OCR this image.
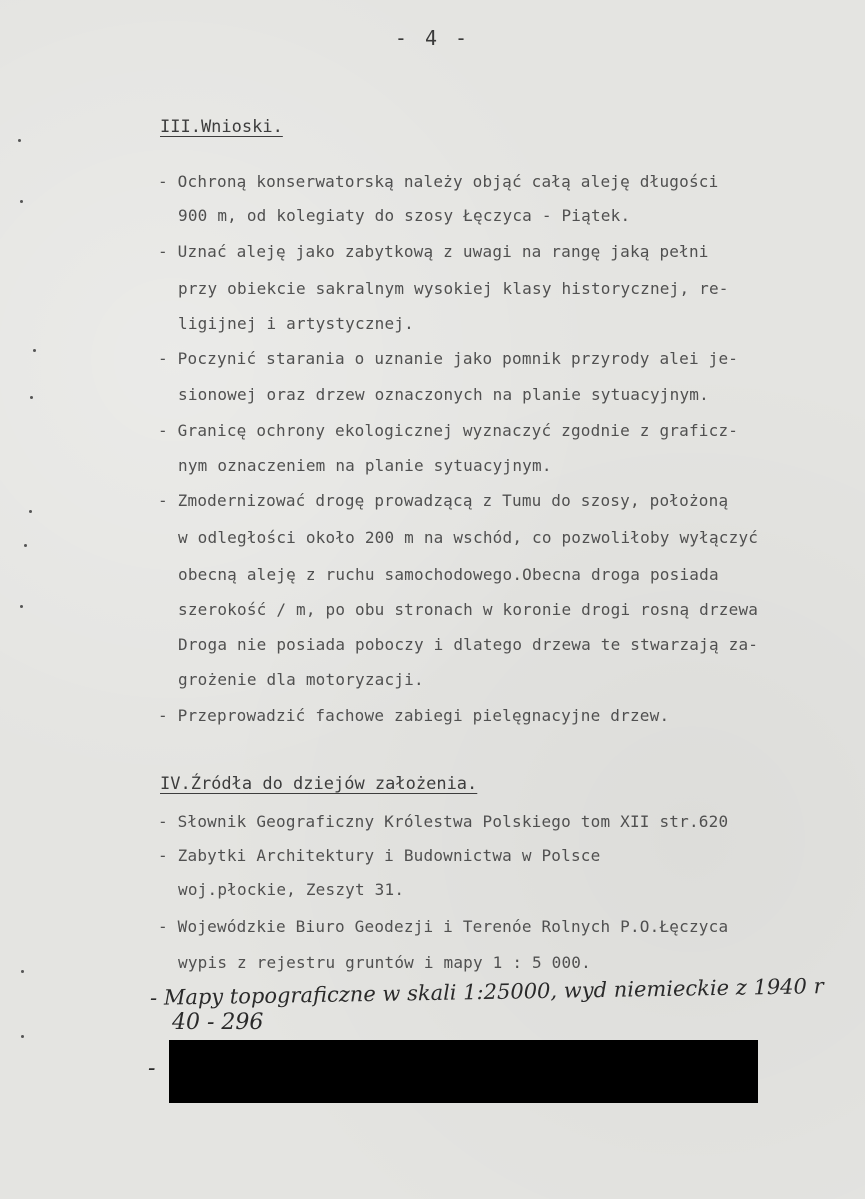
- 4 -
III.Wnioski.
- Ochroną konserwatorską należy objąć całą aleję długości
900 m, od kolegiaty do szosy Łęczyca - Piątek.
- Uznać aleję jako zabytkową z uwagi na rangę jaką pełni
przy obiekcie sakralnym wysokiej klasy historycznej, re-
ligijnej i artystycznej.
- Poczynić starania o uznanie jako pomnik przyrody alei je-
sionowej oraz drzew oznaczonych na planie sytuacyjnym.
- Granicę ochrony ekologicznej wyznaczyć zgodnie z graficz-
nym oznaczeniem na planie sytuacyjnym.
- Zmodernizować drogę prowadzącą z Tumu do szosy, położoną
w odległości około 200 m na wschód, co pozwoliłoby wyłączyć
obecną aleję z ruchu samochodowego.Obecna droga posiada
szerokość / m, po obu stronach w koronie drogi rosną drzewa
Droga nie posiada poboczy i dlatego drzewa te stwarzają za-
grożenie dla motoryzacji.
- Przeprowadzić fachowe zabiegi pielęgnacyjne drzew.
IV.Źródła do dziejów założenia.
- Słownik Geograficzny Królestwa Polskiego tom XII str.620
- Zabytki Architektury i Budownictwa w Polsce
woj.płockie, Zeszyt 31.
- Wojewódzkie Biuro Geodezji i Terenóe Rolnych P.O.Łęczyca
wypis z rejestru gruntów i mapy 1 : 5 000.
- Mapy topograficzne w skali 1:25000, wyd niemieckie z 1940 r
40 - 296
-
